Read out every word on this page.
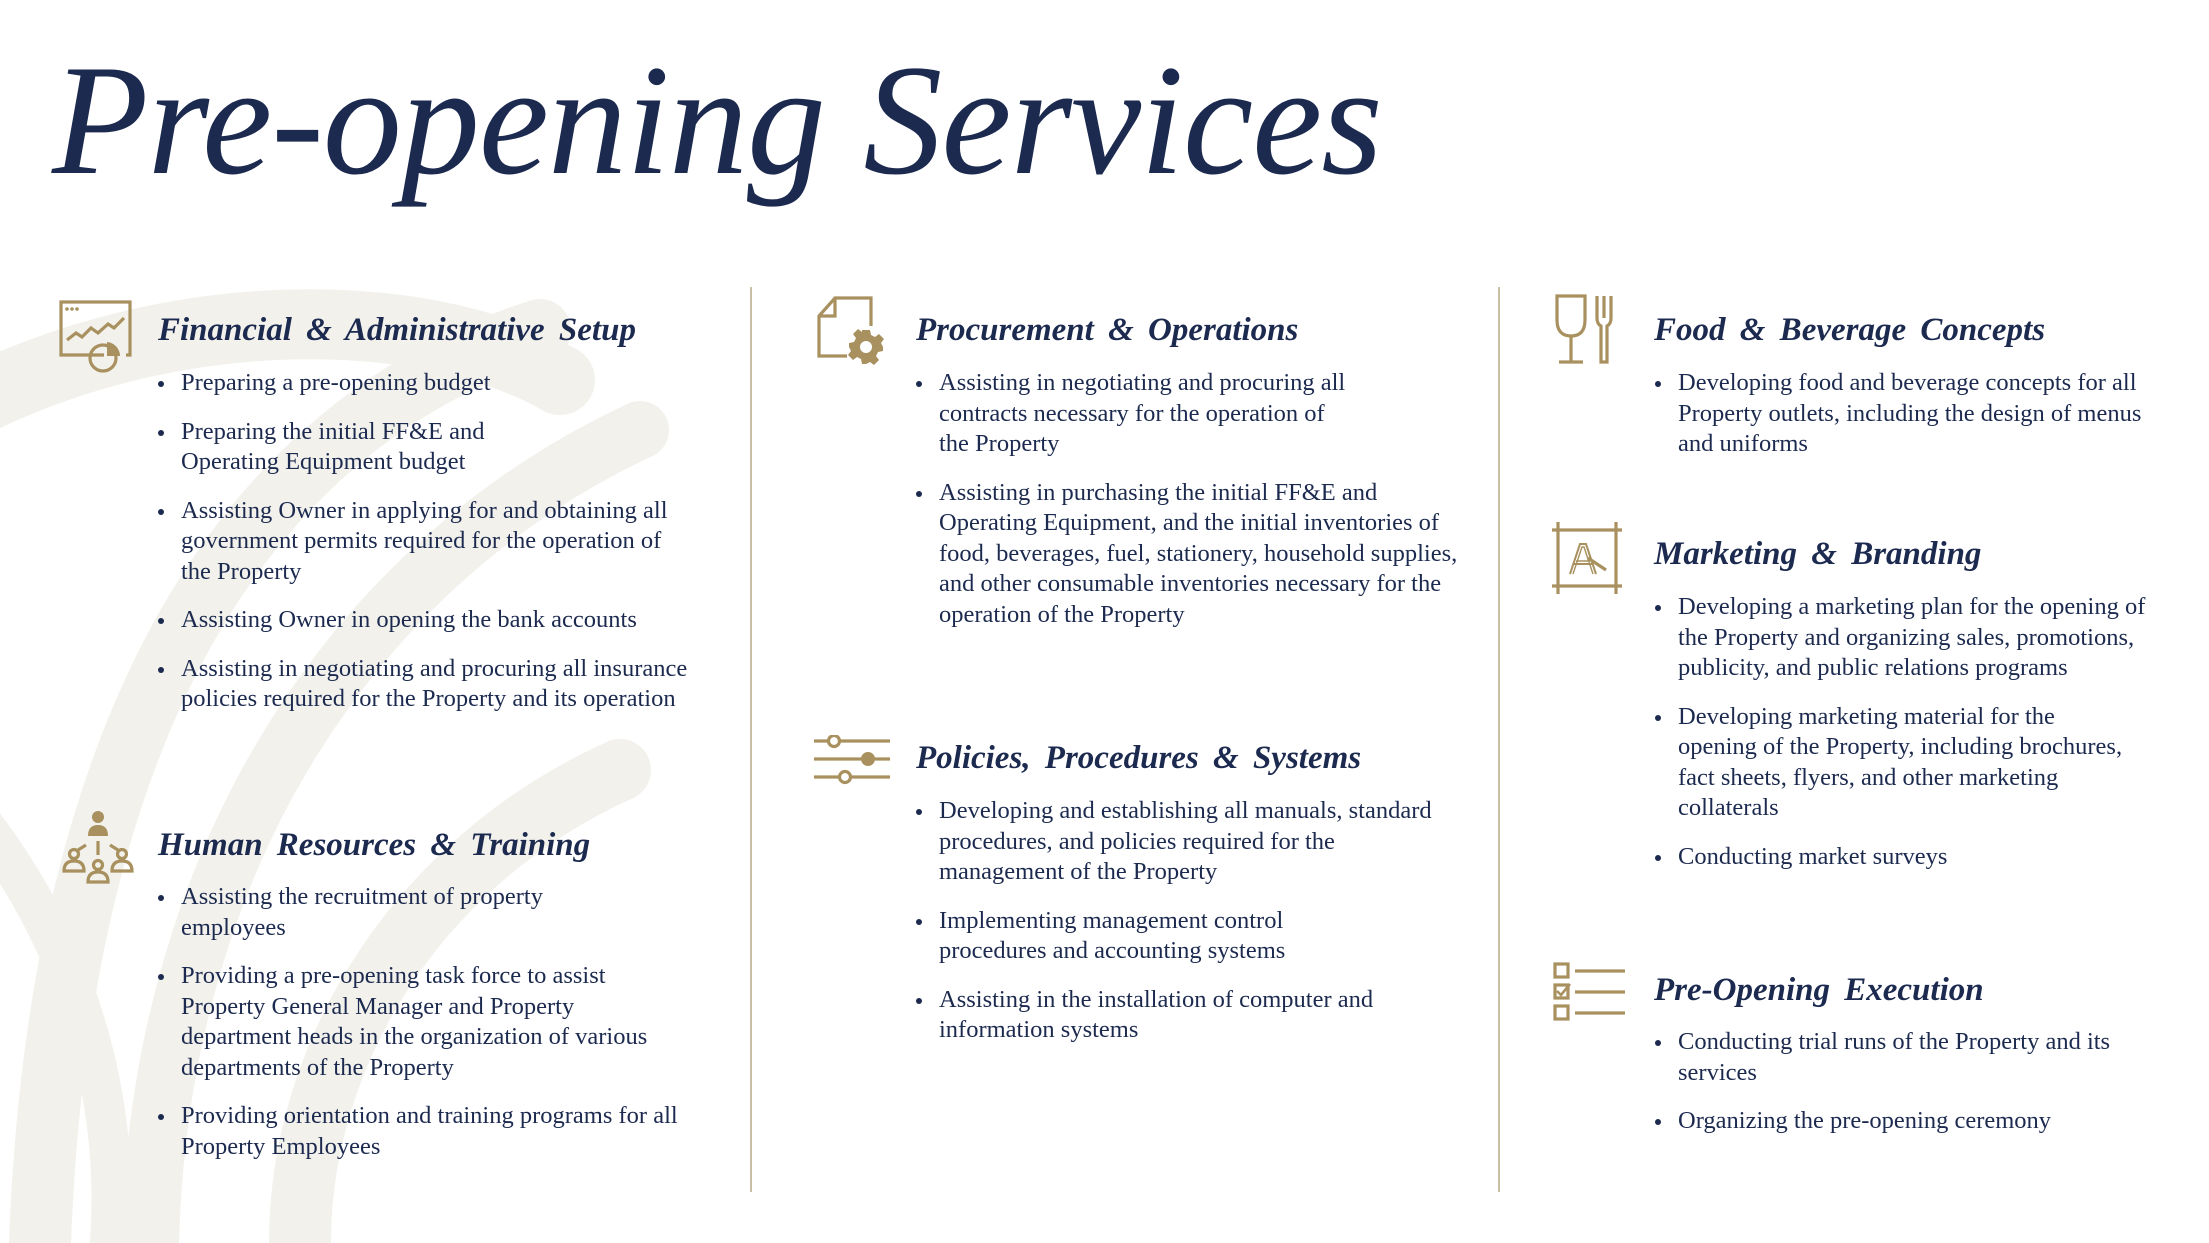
Pre-opening Services
Financial & Administrative Setup
Preparing a pre-opening budget
Preparing the initial FF&E and Operating Equipment budget
Assisting Owner in applying for and obtaining all government permits required for the operation of the Property
Assisting Owner in opening the bank accounts
Assisting in negotiating and procuring all insurance policies required for the Property and its operation
Human Resources & Training
Assisting the recruitment of property employees
Providing a pre-opening task force to assist Property General Manager and Property department heads in the organization of various departments of the Property
Providing orientation and training programs for all Property Employees
Procurement & Operations
Assisting in negotiating and procuring all contracts necessary for the operation of the Property
Assisting in purchasing the initial FF&E and Operating Equipment, and the initial inventories of food, beverages, fuel, stationery, household supplies, and other consumable inventories necessary for the operation of the Property
Policies, Procedures & Systems
Developing and establishing all manuals, standard procedures, and policies required for the management of the Property
Implementing management control procedures and accounting systems
Assisting in the installation of computer and information systems
Food & Beverage Concepts
Developing food and beverage concepts for all Property outlets, including the design of menus and uniforms
Marketing & Branding
Developing a marketing plan for the opening of the Property and organizing sales, promotions, publicity, and public relations programs
Developing marketing material for the opening of the Property, including brochures, fact sheets, flyers, and other marketing collaterals
Conducting market surveys
Pre-Opening Execution
Conducting trial runs of the Property and its services
Organizing the pre-opening ceremony
